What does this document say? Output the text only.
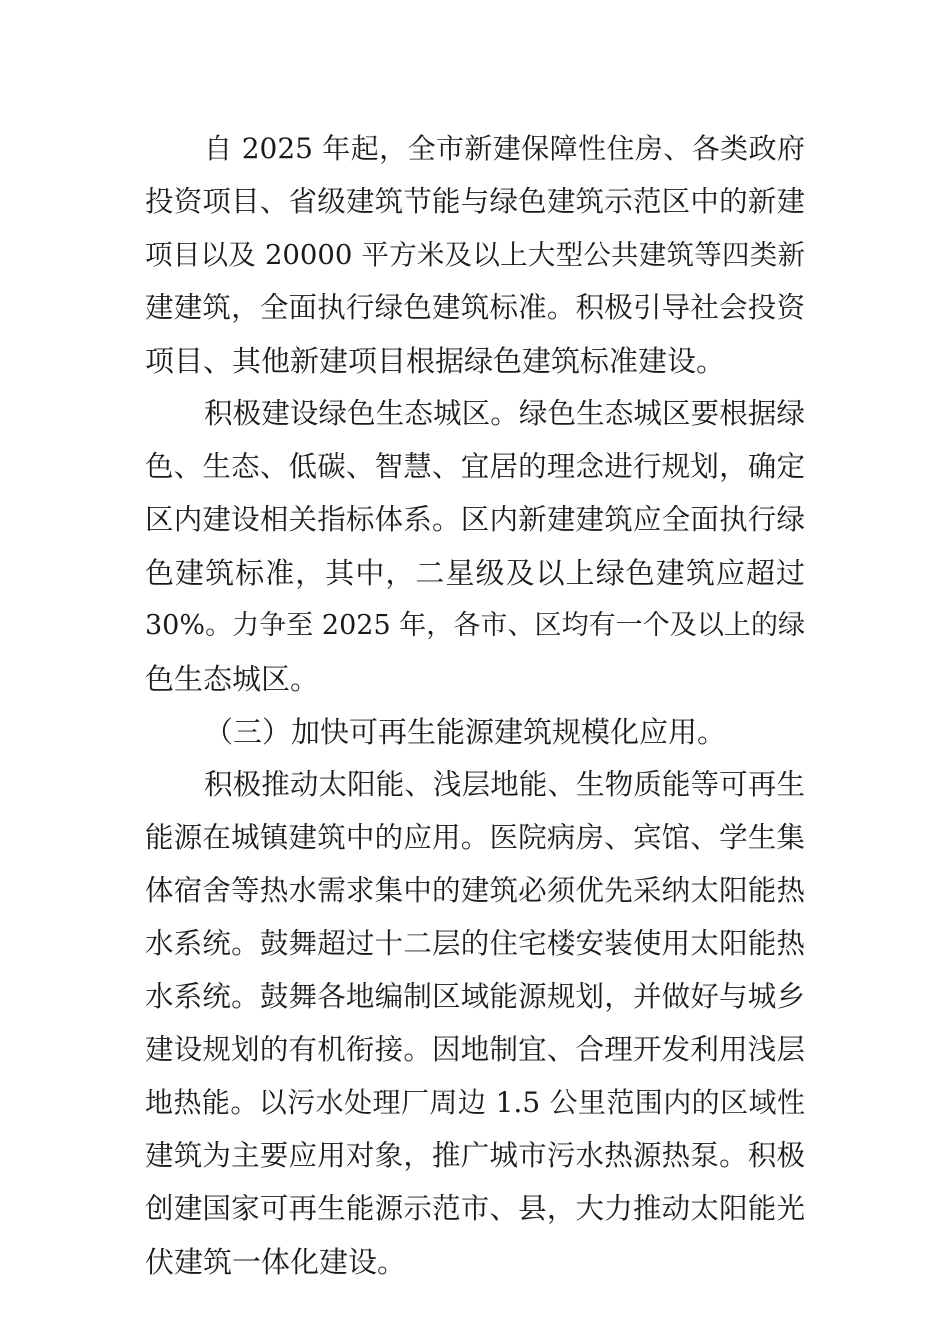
自 2025 年起，全市新建保障性住房、各类政府
投资项目、省级建筑节能与绿色建筑示范区中的新建
项目以及 20000 平方米及以上大型公共建筑等四类新
建建筑，全面执行绿色建筑标准。积极引导社会投资
项目、其他新建项目根据绿色建筑标准建设。
积极建设绿色生态城区。绿色生态城区要根据绿
色、生态、低碳、智慧、宜居的理念进行规划，确定
区内建设相关指标体系。区内新建建筑应全面执行绿
色建筑标准，其中，二星级及以上绿色建筑应超过
30%。力争至 2025 年，各市、区均有一个及以上的绿
色生态城区。
（三）加快可再生能源建筑规模化应用。
积极推动太阳能、浅层地能、生物质能等可再生
能源在城镇建筑中的应用。医院病房、宾馆、学生集
体宿舍等热水需求集中的建筑必须优先采纳太阳能热
水系统。鼓舞超过十二层的住宅楼安装使用太阳能热
水系统。鼓舞各地编制区域能源规划，并做好与城乡
建设规划的有机衔接。因地制宜、合理开发利用浅层
地热能。以污水处理厂周边 1.5 公里范围内的区域性
建筑为主要应用对象，推广城市污水热源热泵。积极
创建国家可再生能源示范市、县，大力推动太阳能光
伏建筑一体化建设。
